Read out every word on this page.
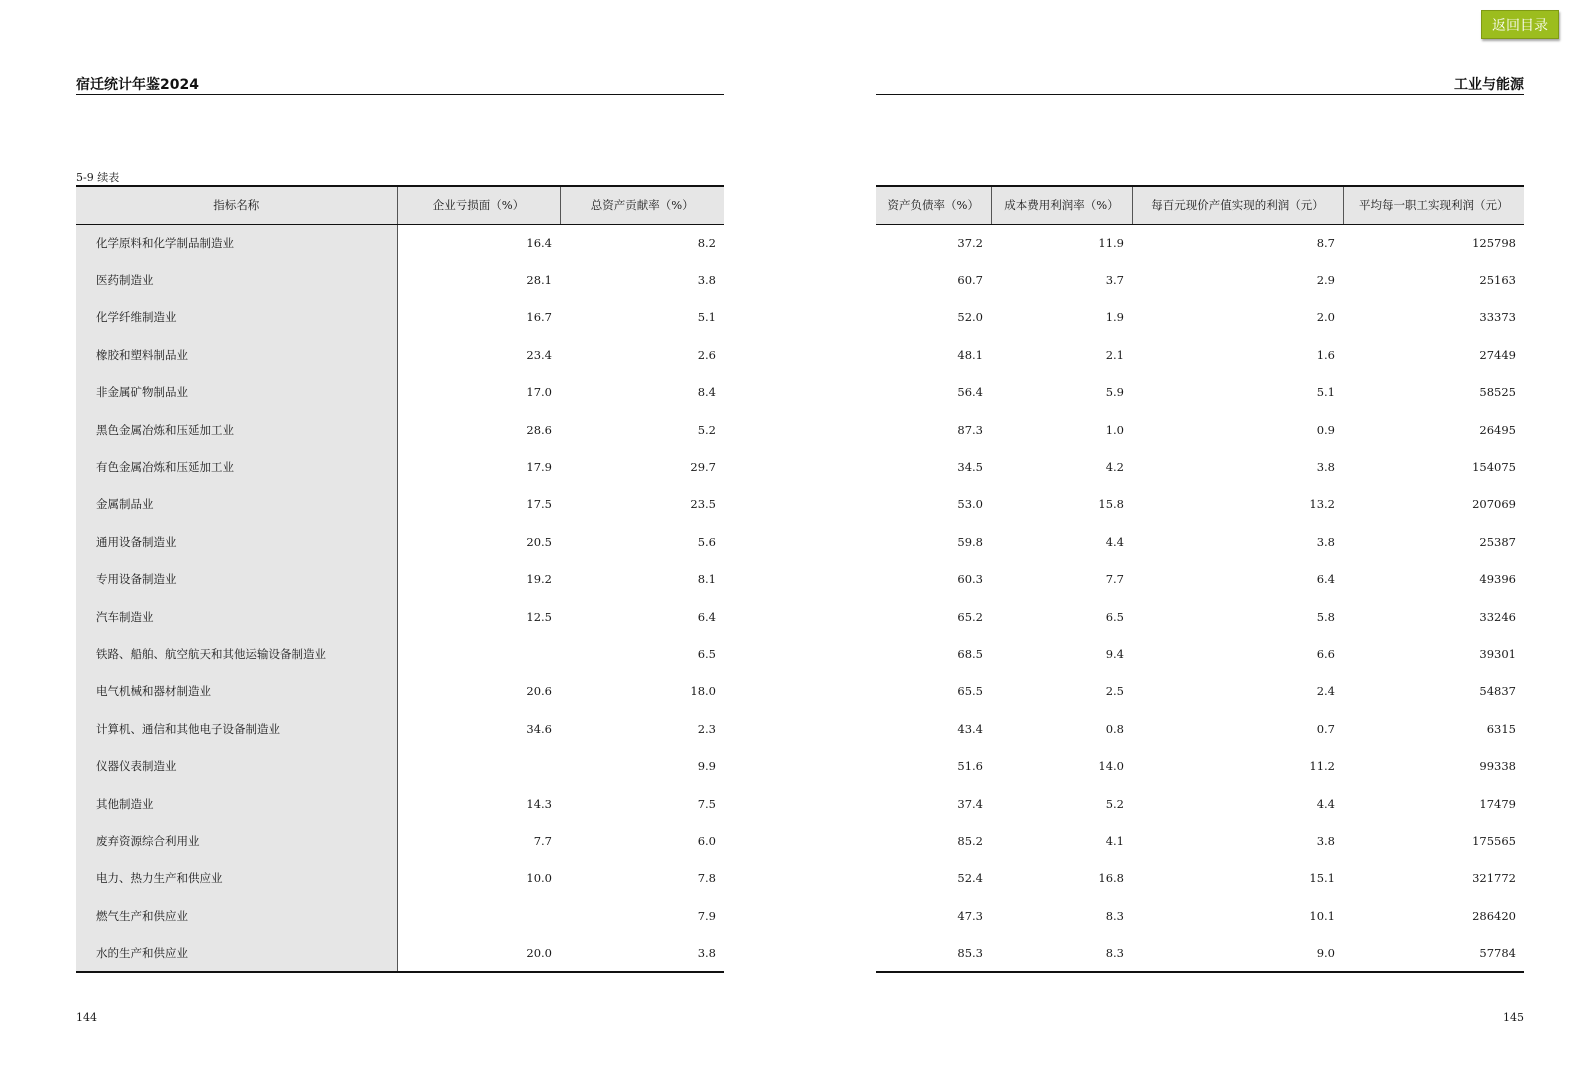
返回目录
宿迁统计年鉴2024	工业与能源
5-9 续表
指标名称	企业亏损面（%）	总资产贡献率（%）
化学原料和化学制品制造业	16.4	8.2
医药制造业	28.1	3.8
化学纤维制造业	16.7	5.1
橡胶和塑料制品业	23.4	2.6
非金属矿物制品业	17.0	8.4
黑色金属冶炼和压延加工业	28.6	5.2
有色金属冶炼和压延加工业	17.9	29.7
金属制品业	17.5	23.5
通用设备制造业	20.5	5.6
专用设备制造业	19.2	8.1
汽车制造业	12.5	6.4
铁路、船舶、航空航天和其他运输设备制造业		6.5
电气机械和器材制造业	20.6	18.0
计算机、通信和其他电子设备制造业	34.6	2.3
仪器仪表制造业		9.9
其他制造业	14.3	7.5
废弃资源综合利用业	7.7	6.0
电力、热力生产和供应业	10.0	7.8
燃气生产和供应业		7.9
水的生产和供应业	20.0	3.8
资产负债率（%）	成本费用利润率（%）	每百元现价产值实现的利润（元）	平均每一职工实现利润（元）
37.2	11.9	8.7	125798
60.7	3.7	2.9	25163
52.0	1.9	2.0	33373
48.1	2.1	1.6	27449
56.4	5.9	5.1	58525
87.3	1.0	0.9	26495
34.5	4.2	3.8	154075
53.0	15.8	13.2	207069
59.8	4.4	3.8	25387
60.3	7.7	6.4	49396
65.2	6.5	5.8	33246
68.5	9.4	6.6	39301
65.5	2.5	2.4	54837
43.4	0.8	0.7	6315
51.6	14.0	11.2	99338
37.4	5.2	4.4	17479
85.2	4.1	3.8	175565
52.4	16.8	15.1	321772
47.3	8.3	10.1	286420
85.3	8.3	9.0	57784
144	145
